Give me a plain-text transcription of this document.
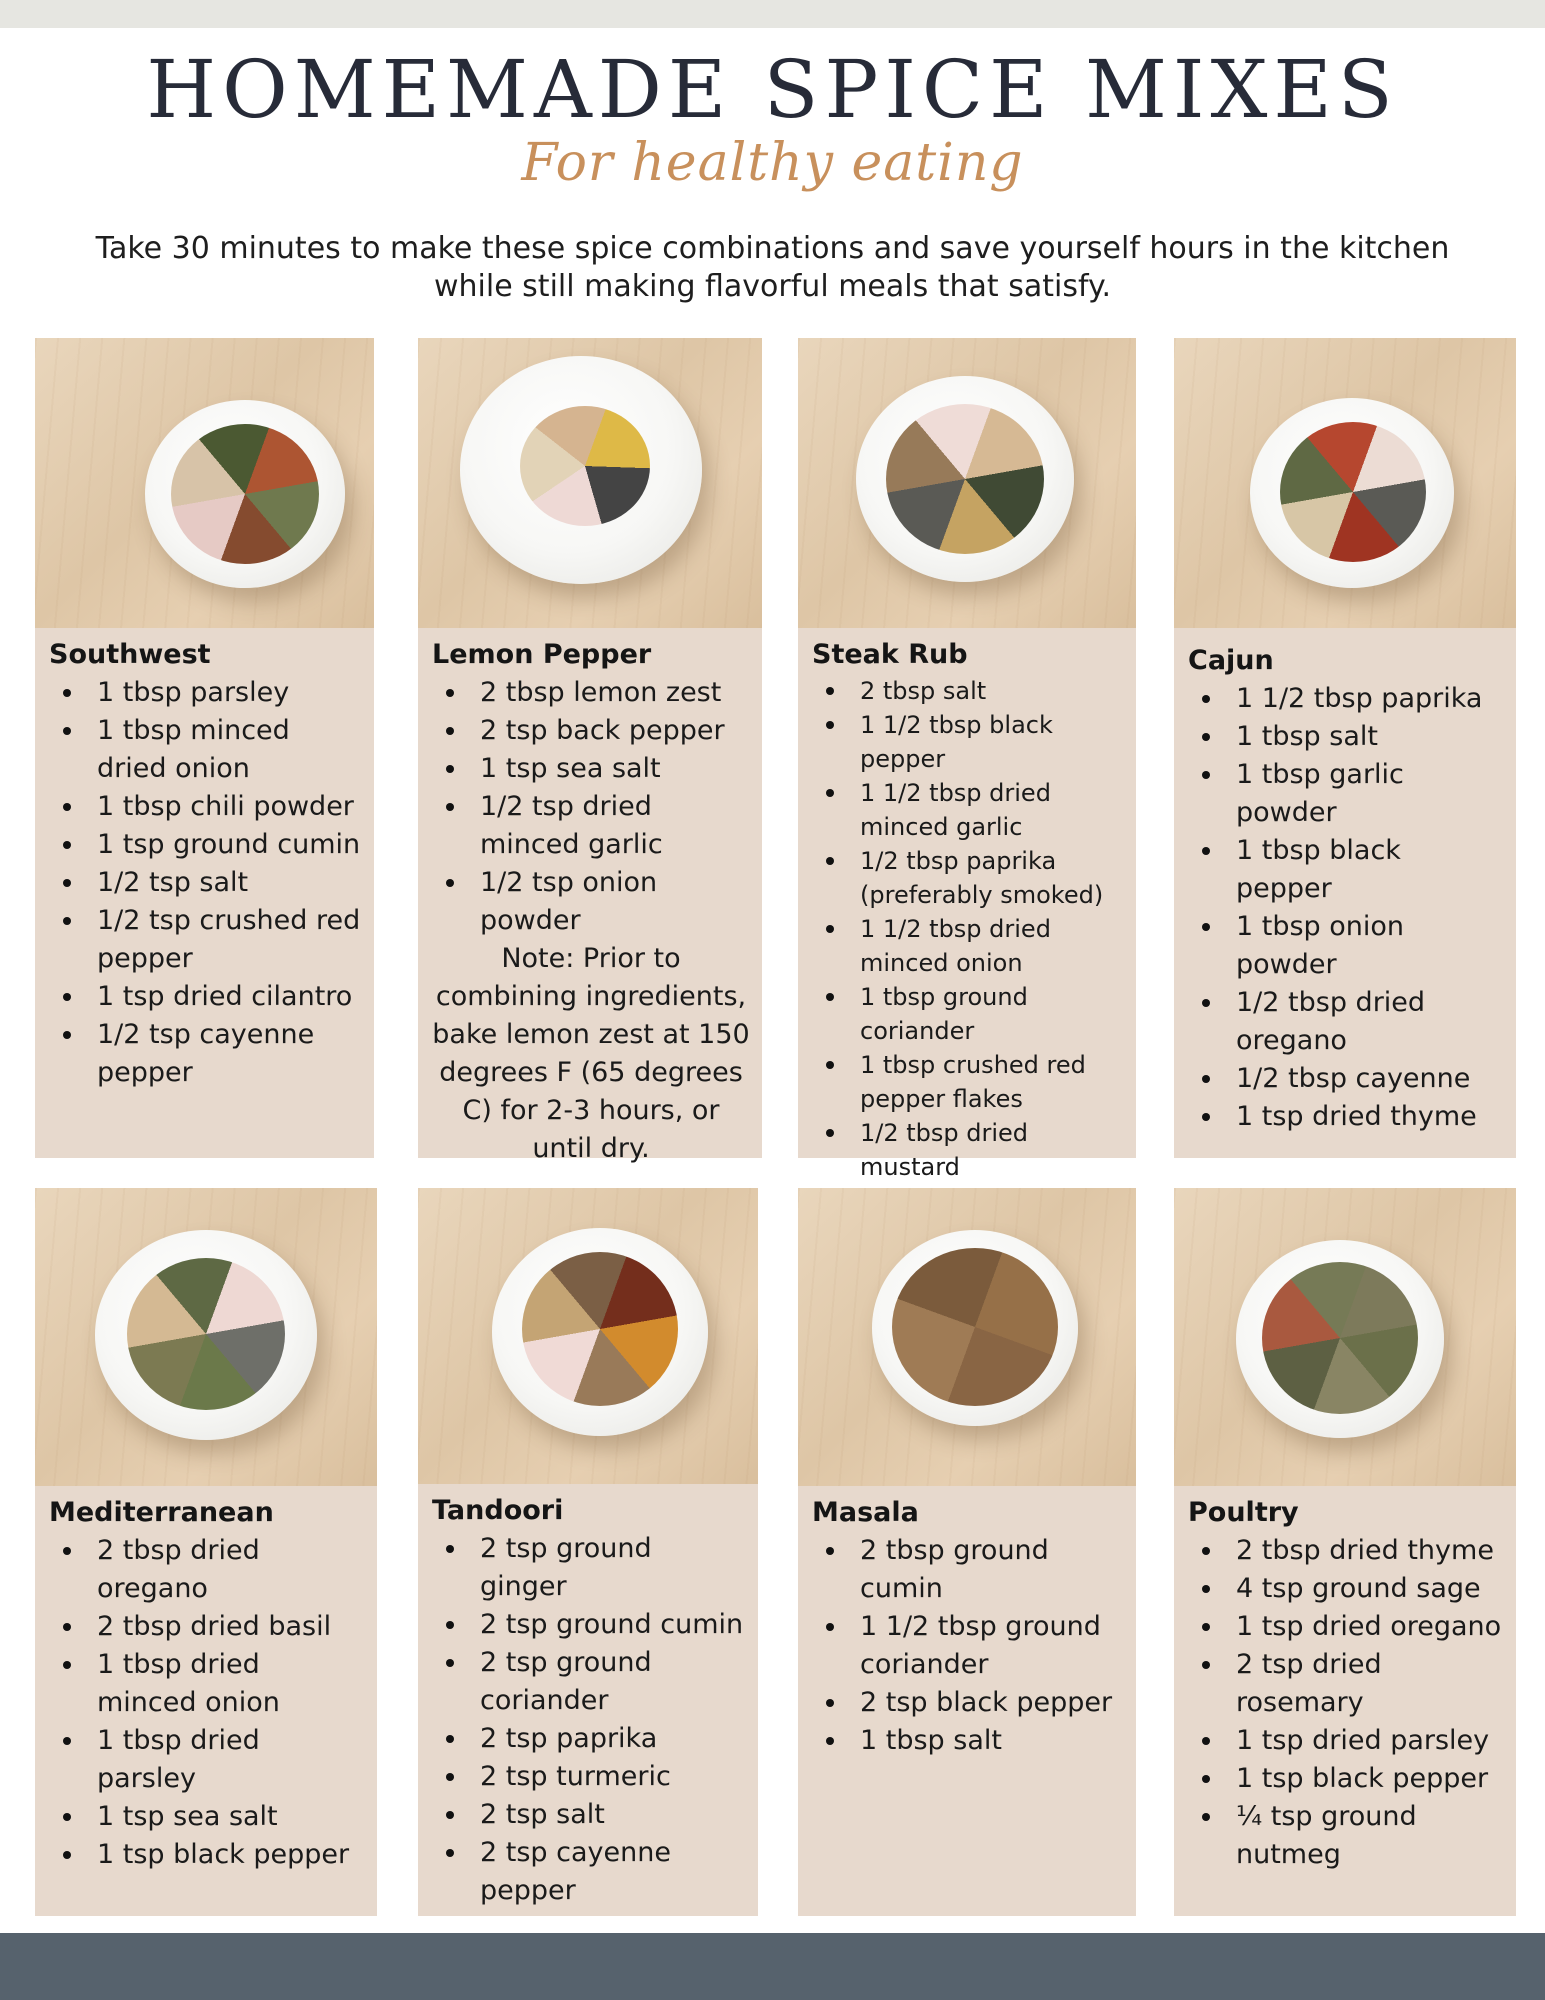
HOMEMADE SPICE MIXES
For healthy eating

Take 30 minutes to make these spice combinations and save yourself hours in the kitchen while still making flavorful meals that satisfy.

Southwest
1 tbsp parsley
1 tbsp minced dried onion
1 tbsp chili powder
1 tsp ground cumin
1/2 tsp salt
1/2 tsp crushed red pepper
1 tsp dried cilantro
1/2 tsp cayenne pepper
Lemon Pepper
2 tbsp lemon zest
2 tsp back pepper
1 tsp sea salt
1/2 tsp dried minced garlic
1/2 tsp onion powder

Note: Prior to combining ingredients, bake lemon zest at 150 degrees F (65 degrees C) for 2-3 hours, or until dry.

Steak Rub
2 tbsp salt
1 1/2 tbsp black pepper
1 1/2 tbsp dried minced garlic
1/2 tbsp paprika (preferably smoked)
1 1/2 tbsp dried minced onion
1 tbsp ground coriander
1 tbsp crushed red pepper flakes
1/2 tbsp dried mustard
Cajun
1 1/2 tbsp paprika
1 tbsp salt
1 tbsp garlic powder
1 tbsp black pepper
1 tbsp onion powder
1/2 tbsp dried oregano
1/2 tbsp cayenne
1 tsp dried thyme
Mediterranean
2 tbsp dried oregano
2 tbsp dried basil
1 tbsp dried minced onion
1 tbsp dried parsley
1 tsp sea salt
1 tsp black pepper
Tandoori
2 tsp ground ginger
2 tsp ground cumin
2 tsp ground coriander
2 tsp paprika
2 tsp turmeric
2 tsp salt
2 tsp cayenne pepper
Masala
2 tbsp ground cumin
1 1/2 tbsp ground coriander
2 tsp black pepper
1 tbsp salt
Poultry
2 tbsp dried thyme
4 tsp ground sage
1 tsp dried oregano
2 tsp dried rosemary
1 tsp dried parsley
1 tsp black pepper
¼ tsp ground nutmeg
